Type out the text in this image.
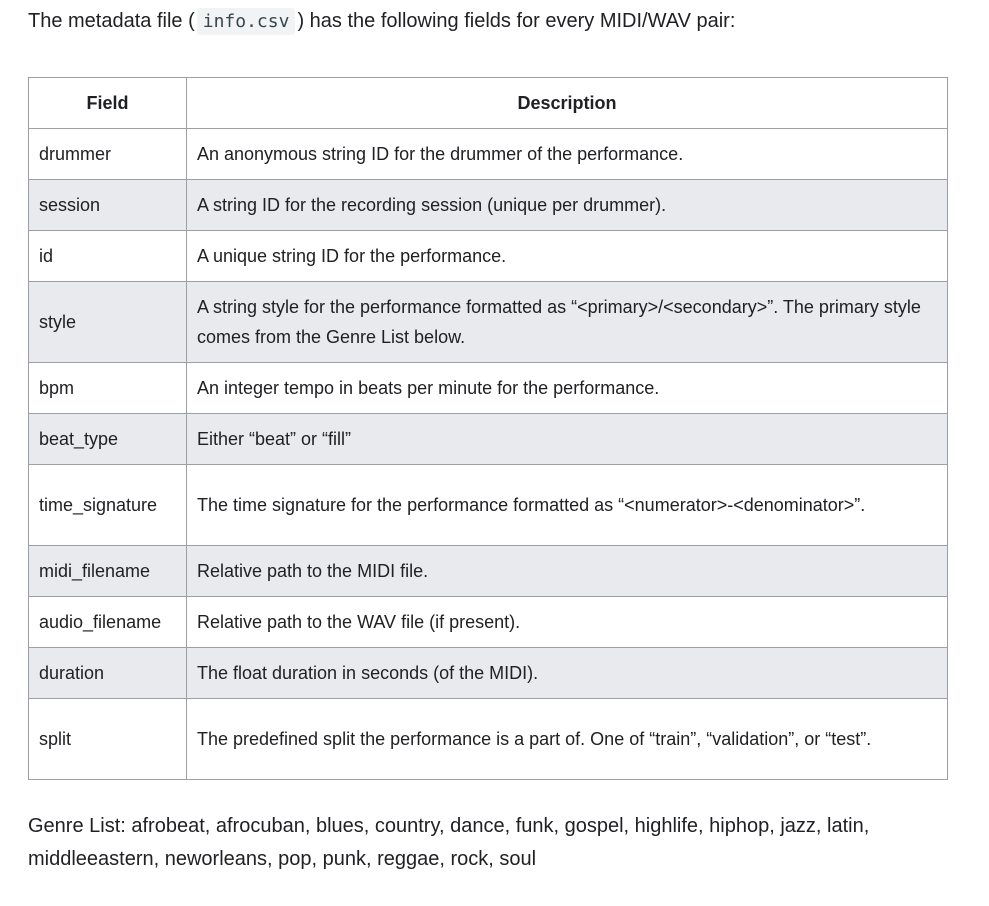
The metadata file ( info.csv ) has the following fields for every MIDI/WAV pair:

Field	Description
drummer	An anonymous string ID for the drummer of the performance.
session	A string ID for the recording session (unique per drummer).
id	A unique string ID for the performance.
style	A string style for the performance formatted as “<primary>/<secondary>”. The primary style comes from the Genre List below.
bpm	An integer tempo in beats per minute for the performance.
beat_type	Either “beat” or “fill”
time_signature	The time signature for the performance formatted as “<numerator>-<denominator>”.
midi_filename	Relative path to the MIDI file.
audio_filename	Relative path to the WAV file (if present).
duration	The float duration in seconds (of the MIDI).
split	The predefined split the performance is a part of. One of “train”, “validation”, or “test”.

Genre List: afrobeat, afrocuban, blues, country, dance, funk, gospel, highlife, hiphop, jazz, latin, middleeastern, neworleans, pop, punk, reggae, rock, soul
